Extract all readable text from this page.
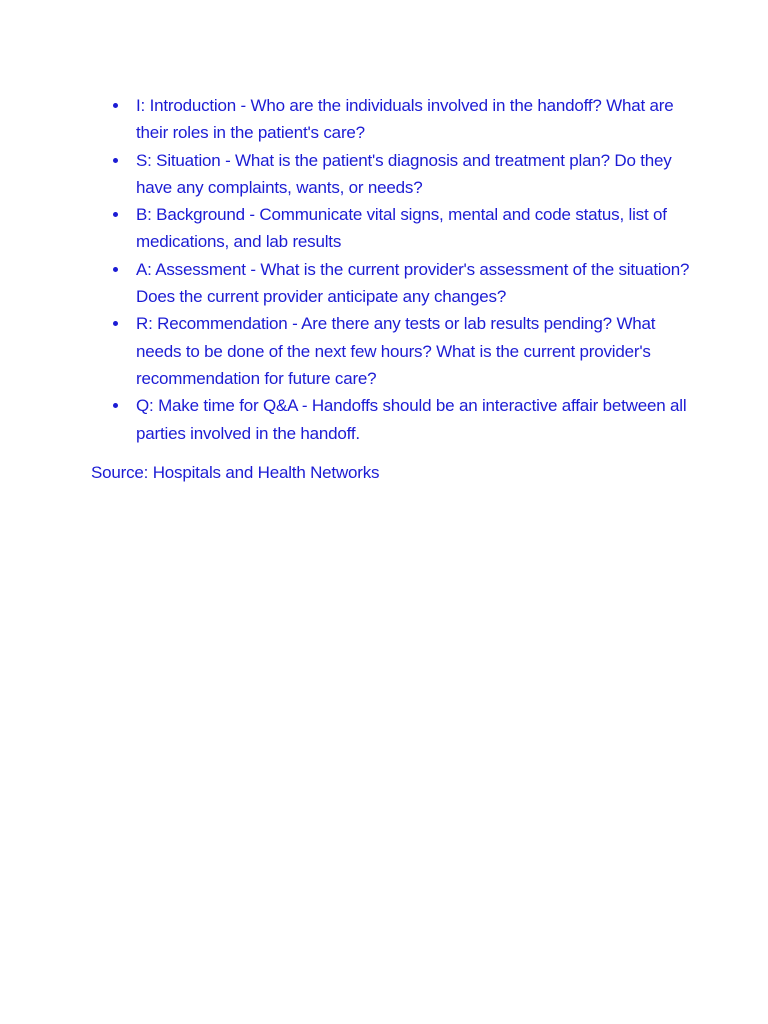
I: Introduction - Who are the individuals involved in the handoff? What are their roles in the patient's care?
S: Situation - What is the patient's diagnosis and treatment plan? Do they have any complaints, wants, or needs?
B: Background - Communicate vital signs, mental and code status, list of medications, and lab results
A: Assessment - What is the current provider's assessment of the situation? Does the current provider anticipate any changes?
R: Recommendation - Are there any tests or lab results pending? What needs to be done of the next few hours? What is the current provider's recommendation for future care?
Q: Make time for Q&A - Handoffs should be an interactive affair between all parties involved in the handoff.

Source: Hospitals and Health Networks
